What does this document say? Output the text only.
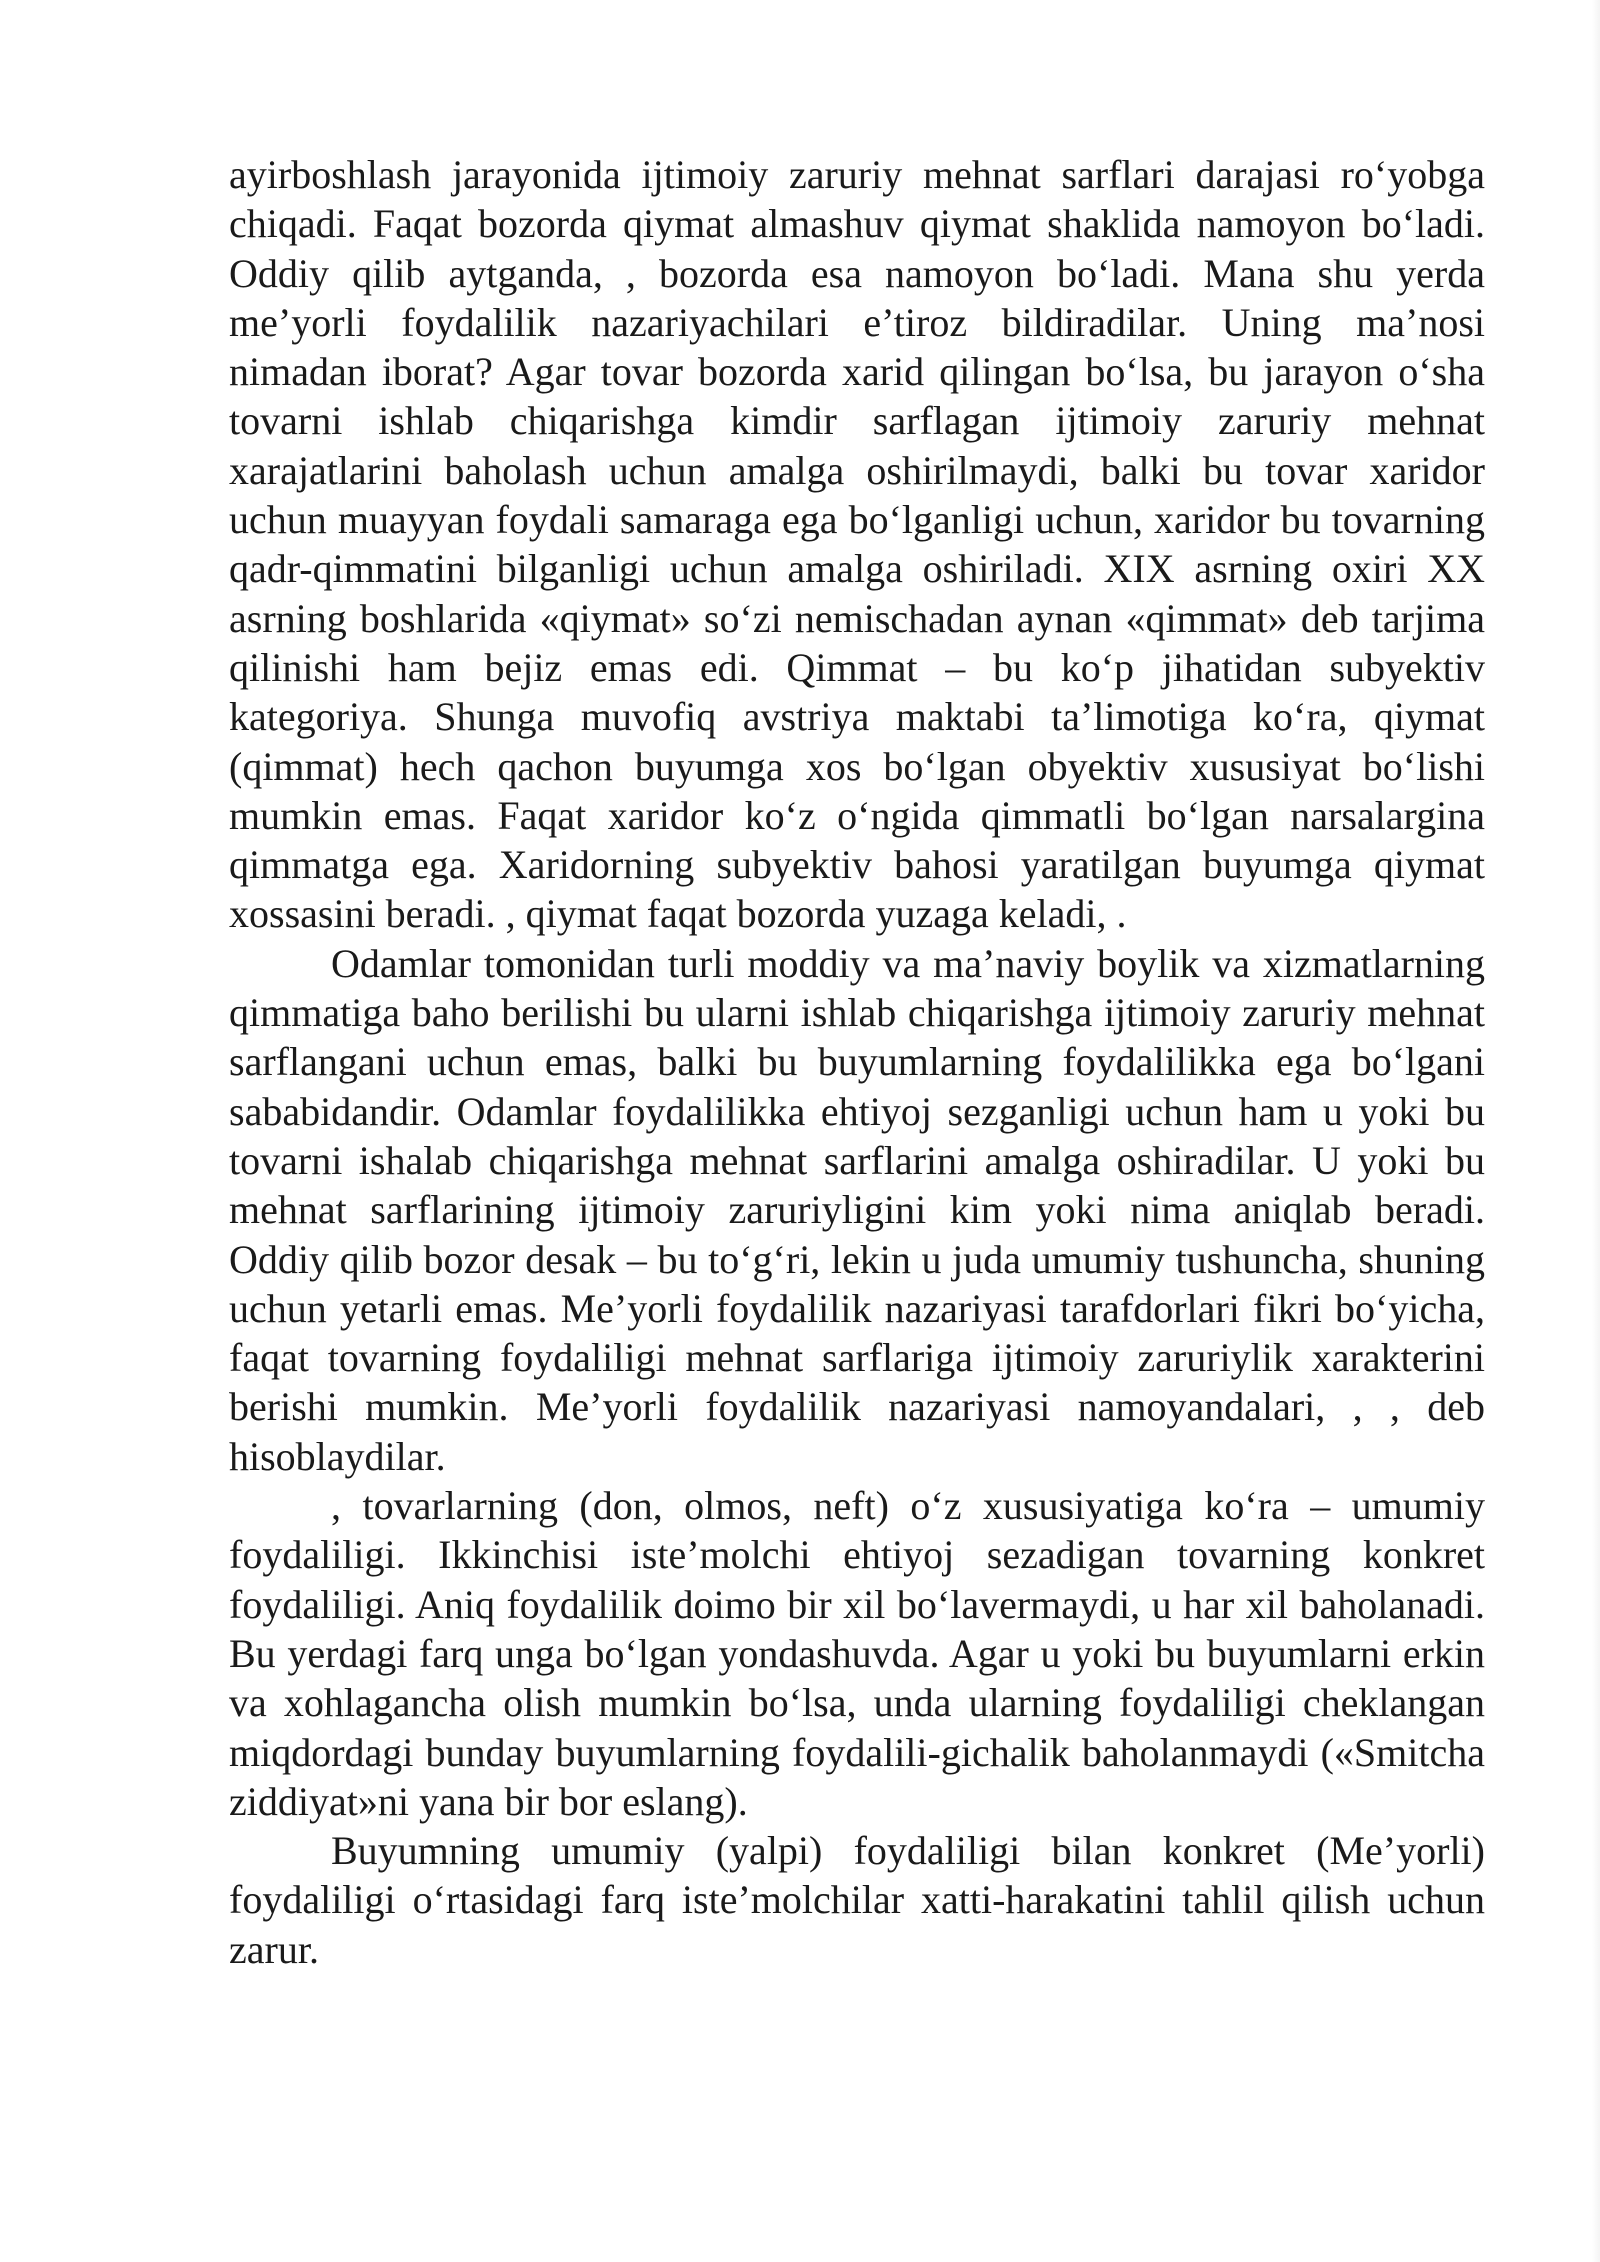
ayirboshlash jarayonida ijtimoiy zaruriy mehnat sarflari darajasi ro‘yobga chiqadi. Faqat bozorda qiymat almashuv qiymat shaklida namoyon bo‘ladi. Oddiy qilib aytganda, , bozorda esa namoyon bo‘ladi. Mana shu yerda me’yorli foydalilik nazariyachilari e’tiroz bildiradilar. Uning ma’nosi nimadan iborat? Agar tovar bozorda xarid qilingan bo‘lsa, bu jarayon o‘sha tovarni ishlab chiqarishga kimdir sarflagan ijtimoiy zaruriy mehnat xarajatlarini baholash uchun amalga oshirilmaydi, balki bu tovar xaridor uchun muayyan foydali samaraga ega bo‘lganligi uchun, xaridor bu tovarning qadr-qimmatini bilganligi uchun amalga oshiriladi. XIX asrning oxiri XX asrning boshlarida «qiymat» so‘zi nemischadan aynan «qimmat» deb tarjima qilinishi ham bejiz emas edi. Qimmat – bu ko‘p jihatidan subyektiv kategoriya. Shunga muvofiq avstriya maktabi ta’limotiga ko‘ra, qiymat (qimmat) hech qachon buyumga xos bo‘lgan obyektiv xususiyat bo‘lishi mumkin emas. Faqat xaridor ko‘z o‘ngida qimmatli bo‘lgan narsalargina qimmatga ega. Xaridorning subyektiv bahosi yaratilgan buyumga qiymat xossasini beradi. , qiymat faqat bozorda yuzaga keladi, .

Odamlar tomonidan turli moddiy va ma’naviy boylik va xizmatlarning qimmatiga baho berilishi bu ularni ishlab chiqarishga ijtimoiy zaruriy mehnat sarflangani uchun emas, balki bu buyumlarning foydalilikka ega bo‘lgani sababidandir. Odamlar foydalilikka ehtiyoj sezganligi uchun ham u yoki bu tovarni ishalab chiqarishga mehnat sarflarini amalga oshiradilar. U yoki bu mehnat sarflarining ijtimoiy zaruriyligini kim yoki nima aniqlab beradi. Oddiy qilib bozor desak – bu to‘g‘ri, lekin u juda umumiy tushuncha, shuning uchun yetarli emas. Me’yorli foydalilik nazariyasi tarafdorlari fikri bo‘yicha, faqat tovarning foydaliligi mehnat sarflariga ijtimoiy zaruriylik xarakterini berishi mumkin. Me’yorli foydalilik nazariyasi namoyandalari, , , deb hisoblaydilar.

, tovarlarning (don, olmos, neft) o‘z xususiyatiga ko‘ra – umumiy foydaliligi. Ikkinchisi iste’molchi ehtiyoj sezadigan tovarning konkret foydaliligi. Aniq foydalilik doimo bir xil bo‘lavermaydi, u har xil baholanadi. Bu yerdagi farq unga bo‘lgan yondashuvda. Agar u yoki bu buyumlarni erkin va xohlagancha olish mumkin bo‘lsa, unda ularning foydaliligi cheklangan miqdordagi bunday buyumlarning foydalili-gichalik baholanmaydi («Smitcha ziddiyat»ni yana bir bor eslang).

Buyumning umumiy (yalpi) foydaliligi bilan konkret (Me’yorli) foydaliligi o‘rtasidagi farq iste’molchilar xatti-harakatini tahlil qilish uchun zarur.
